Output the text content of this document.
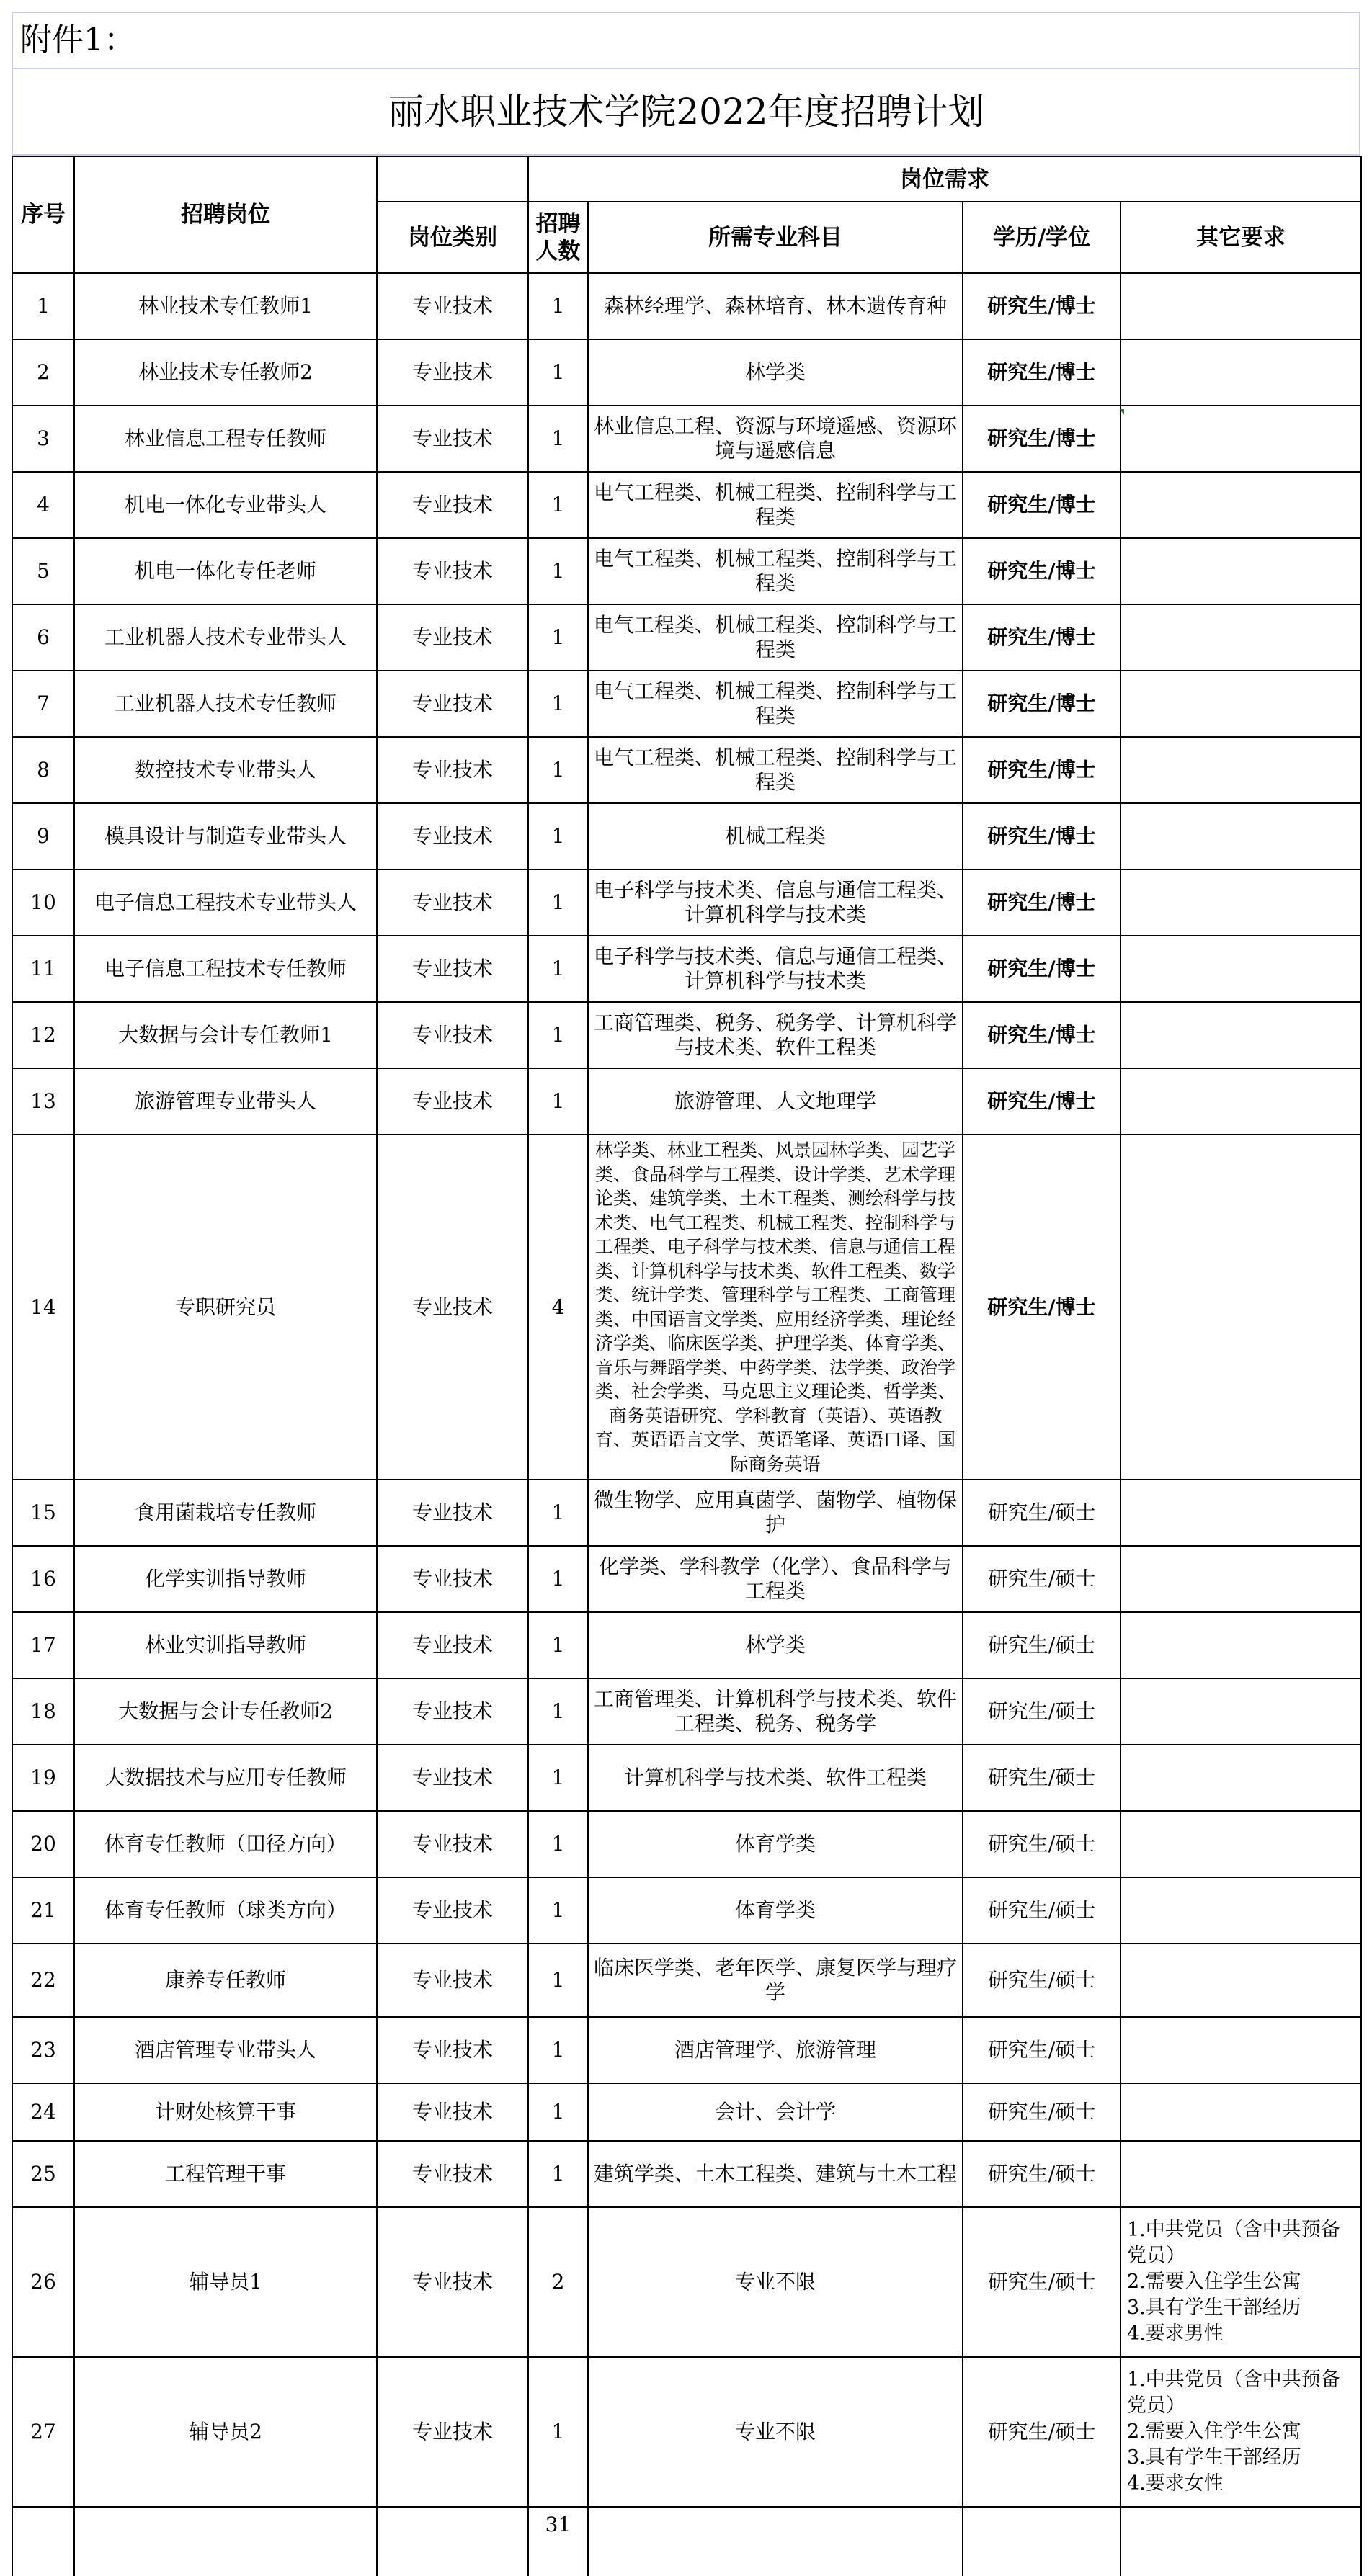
附件1：
丽水职业技术学院2022年度招聘计划
序号	招聘岗位		岗位需求			
		岗位类别	招聘人数	所需专业科目	学历/学位	其它要求
1	林业技术专任教师1	专业技术	1	森林经理学、森林培育、林木遗传育种	研究生/博士	
2	林业技术专任教师2	专业技术	1	林学类	研究生/博士	
3	林业信息工程专任教师	专业技术	1	林业信息工程、资源与环境遥感、资源环境与遥感信息	研究生/博士	
4	机电一体化专业带头人	专业技术	1	电气工程类、机械工程类、控制科学与工程类	研究生/博士	
5	机电一体化专任老师	专业技术	1	电气工程类、机械工程类、控制科学与工程类	研究生/博士	
6	工业机器人技术专业带头人	专业技术	1	电气工程类、机械工程类、控制科学与工程类	研究生/博士	
7	工业机器人技术专任教师	专业技术	1	电气工程类、机械工程类、控制科学与工程类	研究生/博士	
8	数控技术专业带头人	专业技术	1	电气工程类、机械工程类、控制科学与工程类	研究生/博士	
9	模具设计与制造专业带头人	专业技术	1	机械工程类	研究生/博士	
10	电子信息工程技术专业带头人	专业技术	1	电子科学与技术类、信息与通信工程类、计算机科学与技术类	研究生/博士	
11	电子信息工程技术专任教师	专业技术	1	电子科学与技术类、信息与通信工程类、计算机科学与技术类	研究生/博士	
12	大数据与会计专任教师1	专业技术	1	工商管理类、税务、税务学、计算机科学与技术类、软件工程类	研究生/博士	
13	旅游管理专业带头人	专业技术	1	旅游管理、人文地理学	研究生/博士	
14	专职研究员	专业技术	4	林学类、林业工程类、风景园林学类、园艺学类、食品科学与工程类、设计学类、艺术学理论类、建筑学类、土木工程类、测绘科学与技术类、电气工程类、机械工程类、控制科学与工程类、电子科学与技术类、信息与通信工程类、计算机科学与技术类、软件工程类、数学类、统计学类、管理科学与工程类、工商管理类、中国语言文学类、应用经济学类、理论经济学类、临床医学类、护理学类、体育学类、音乐与舞蹈学类、中药学类、法学类、政治学类、社会学类、马克思主义理论类、哲学类、商务英语研究、学科教育（英语）、英语教育、英语语言文学、英语笔译、英语口译、国际商务英语	研究生/博士	
15	食用菌栽培专任教师	专业技术	1	微生物学、应用真菌学、菌物学、植物保护	研究生/硕士	
16	化学实训指导教师	专业技术	1	化学类、学科教学（化学）、食品科学与工程类	研究生/硕士	
17	林业实训指导教师	专业技术	1	林学类	研究生/硕士	
18	大数据与会计专任教师2	专业技术	1	工商管理类、计算机科学与技术类、软件工程类、税务、税务学	研究生/硕士	
19	大数据技术与应用专任教师	专业技术	1	计算机科学与技术类、软件工程类	研究生/硕士	
20	体育专任教师（田径方向）	专业技术	1	体育学类	研究生/硕士	
21	体育专任教师（球类方向）	专业技术	1	体育学类	研究生/硕士	
22	康养专任教师	专业技术	1	临床医学类、老年医学、康复医学与理疗学	研究生/硕士	
23	酒店管理专业带头人	专业技术	1	酒店管理学、旅游管理	研究生/硕士	
24	计财处核算干事	专业技术	1	会计、会计学	研究生/硕士	
25	工程管理干事	专业技术	1	建筑学类、土木工程类、建筑与土木工程	研究生/硕士	
26	辅导员1	专业技术	2	专业不限	研究生/硕士	1.中共党员（含中共预备党员）
2.需要入住学生公寓
3.具有学生干部经历
4.要求男性

27	辅导员2	专业技术	1	专业不限	研究生/硕士	1.中共党员（含中共预备党员）
2.需要入住学生公寓
3.具有学生干部经历
4.要求女性

			31			
